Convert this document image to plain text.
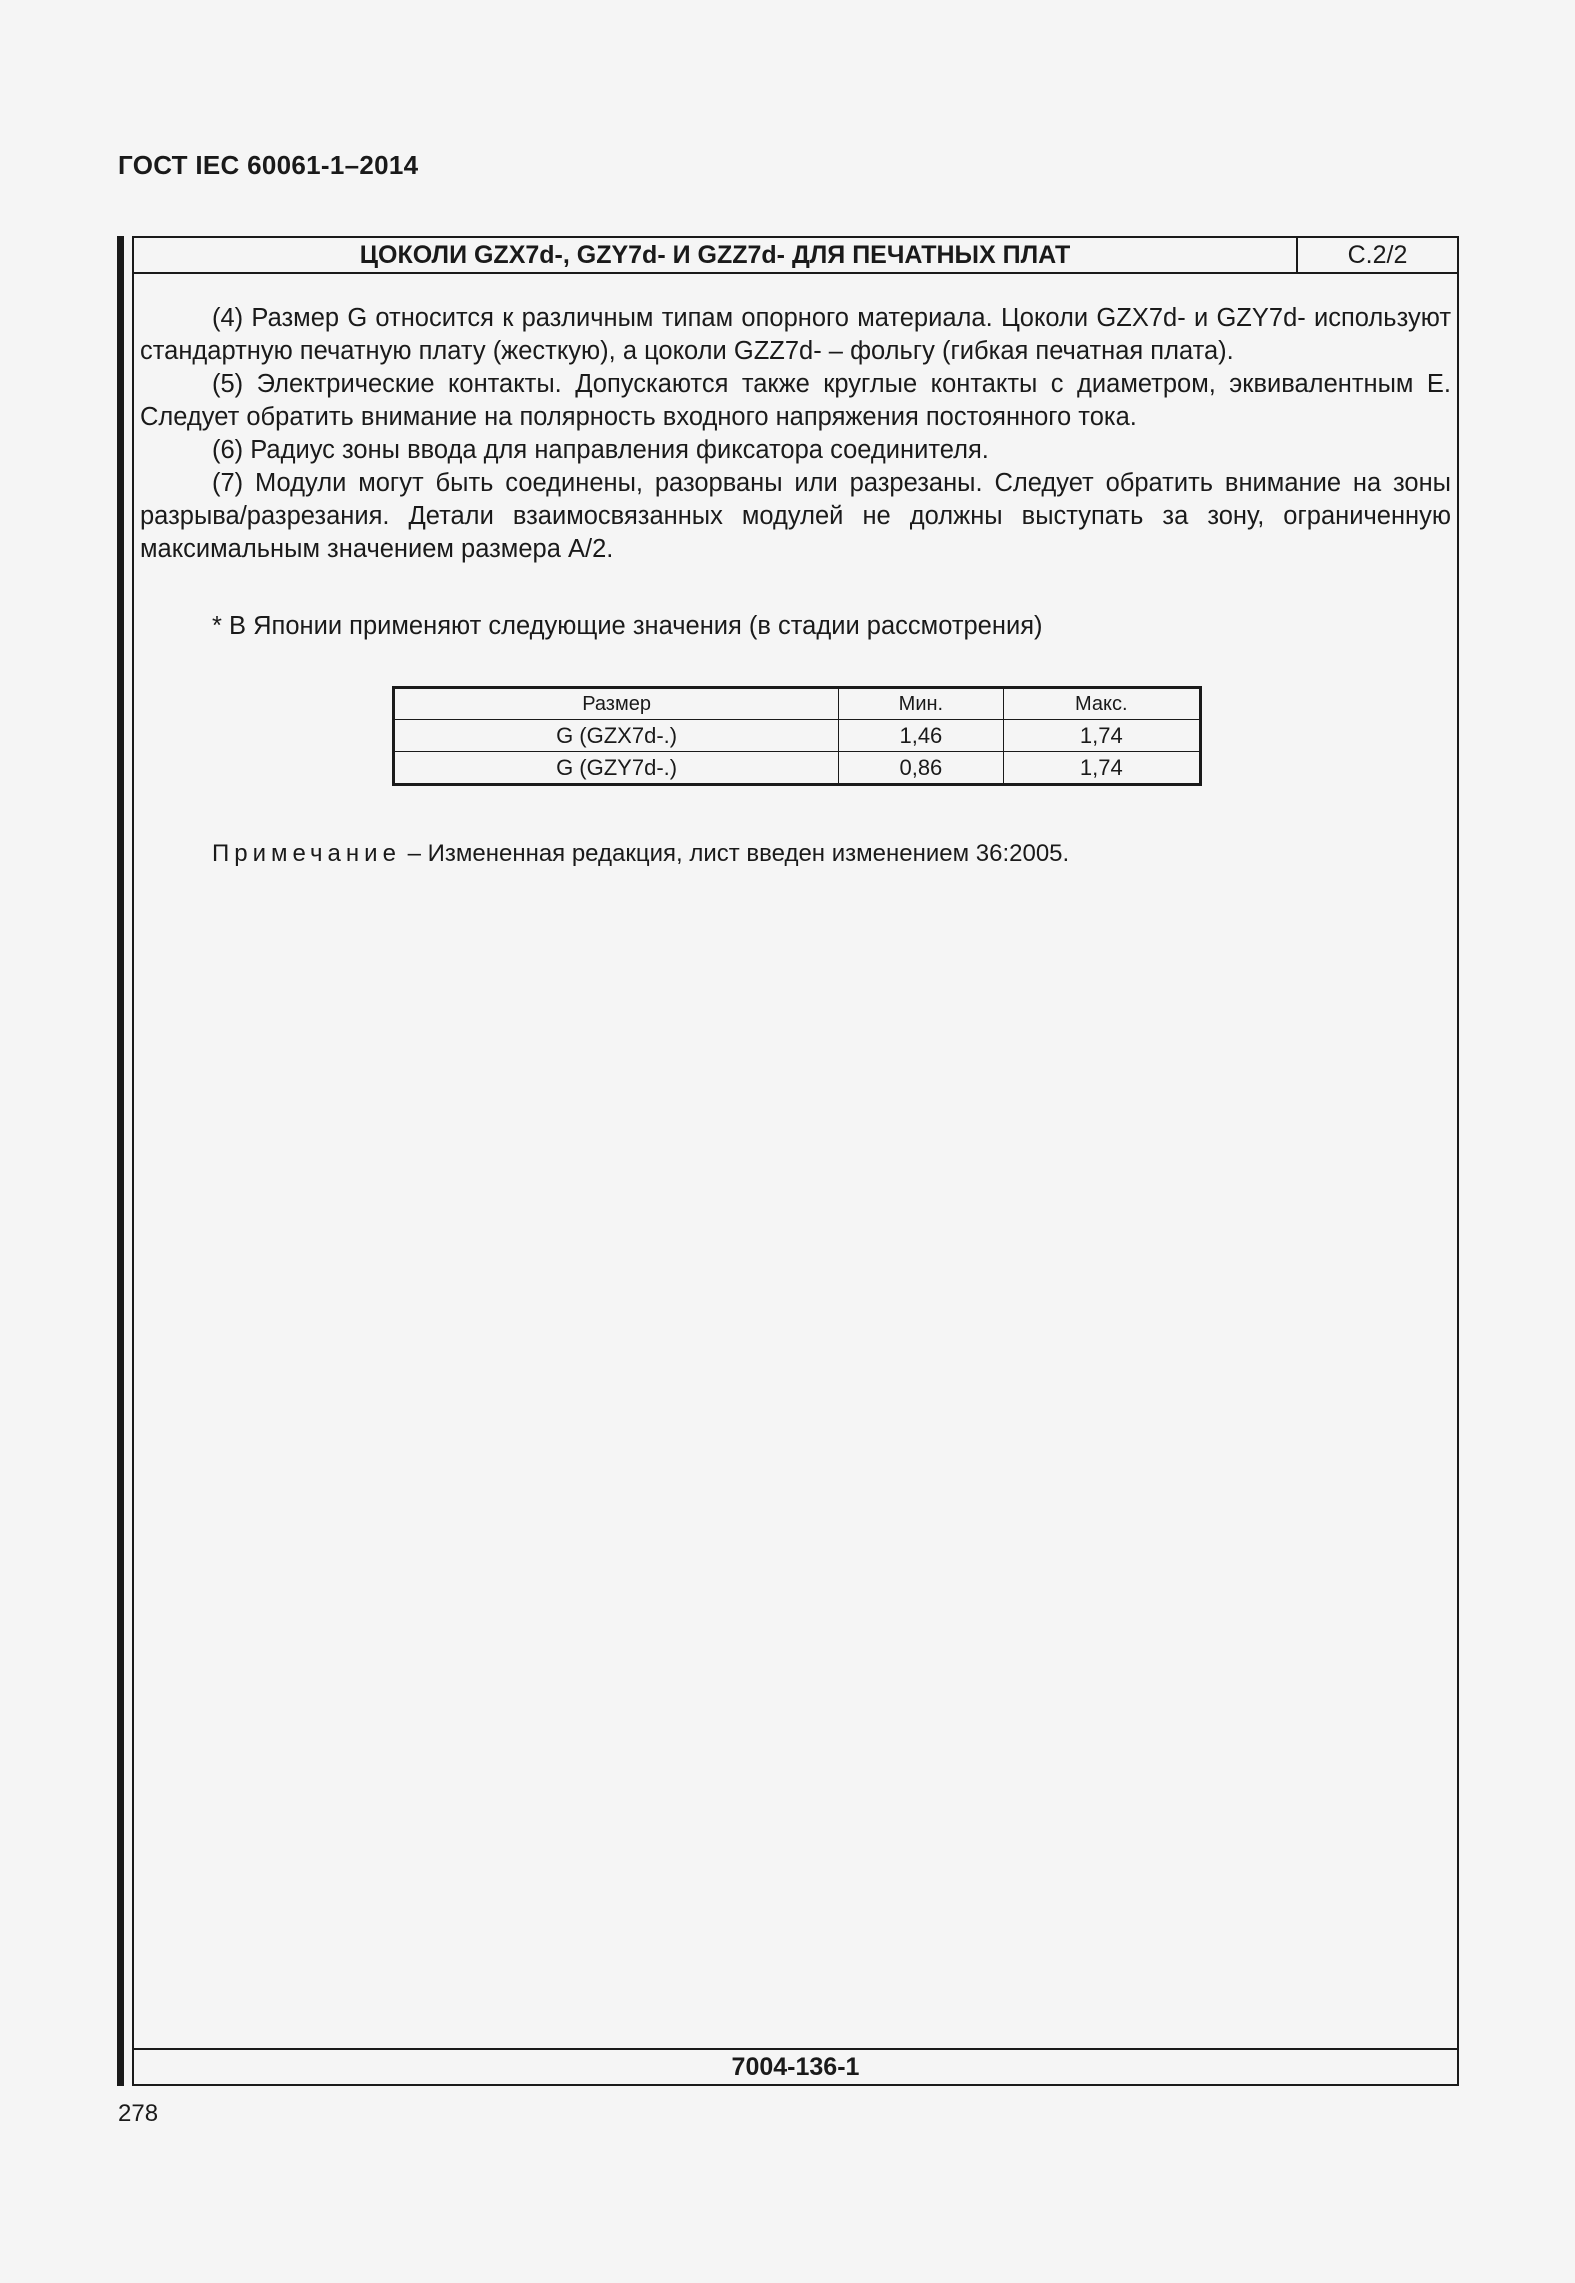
ГОСТ IEC 60061-1–2014
ЦОКОЛИ GZX7d-, GZY7d- И GZZ7d- ДЛЯ ПЕЧАТНЫХ ПЛАТ	С.2/2

(4) Размер G относится к различным типам опорного материала. Цоколи GZX7d- и GZY7d- используют стандартную печатную плату (жесткую), а цоколи GZZ7d- – фольгу (гибкая печатная плата).

(5) Электрические контакты. Допускаются также круглые контакты с диаметром, эквивалентным E. Следует обратить внимание на полярность входного напряжения постоянного тока.

(6) Радиус зоны ввода для направления фиксатора соединителя.

(7) Модули могут быть соединены, разорваны или разрезаны. Следует обратить внимание на зоны разрыва/разрезания. Детали взаимосвязанных модулей не должны выступать за зону, ограниченную максимальным значением размера A/2.

* В Японии применяют следующие значения (в стадии рассмотрения)
Размер	Мин.	Макс.
G (GZX7d-.)	1,46	1,74
G (GZY7d-.)	0,86	1,74
Примечание – Измененная редакция, лист введен изменением 36:2005.
7004-136-1
278
